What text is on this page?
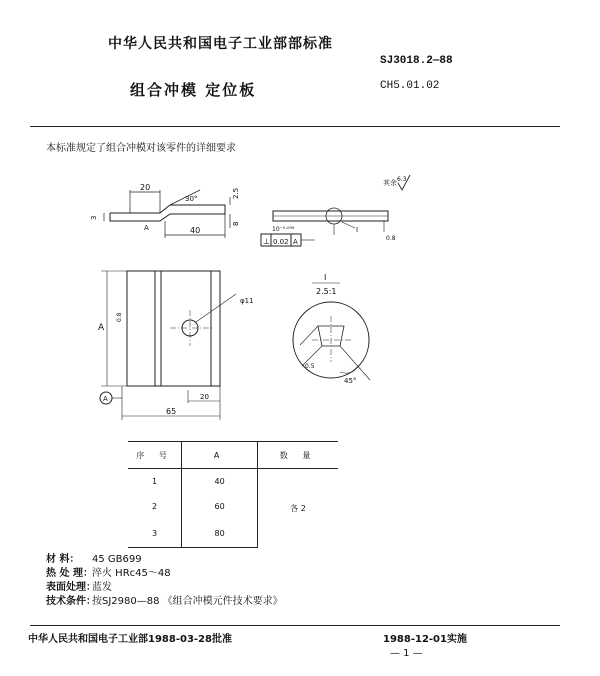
中华人民共和国电子工业部部标准
SJ3018.2—88
组合冲模 定位板	CH5.01.02
本标准规定了组合冲模对该零件的详细要求
20
30°	2.5
8
3
40
A
其余 6.3
10⁻⁰·⁰⁰⁹	I
⊥ 0.02 A	0.8
65
20
A
0.8
φ11
A
I
2.5:1
0.5
45°
序 号	A	数 量
1	40	各 2
2	60	
3	80	
材 料：	45 GB699
热 处 理： 淬火 HRc45～48
表面处理：
蓝发
技术条件：
按SJ2980—88 《组合冲模元件技术要求》
中华人民共和国电子工业部1988-03-28批准	1988-12-01实施
— 1 —
